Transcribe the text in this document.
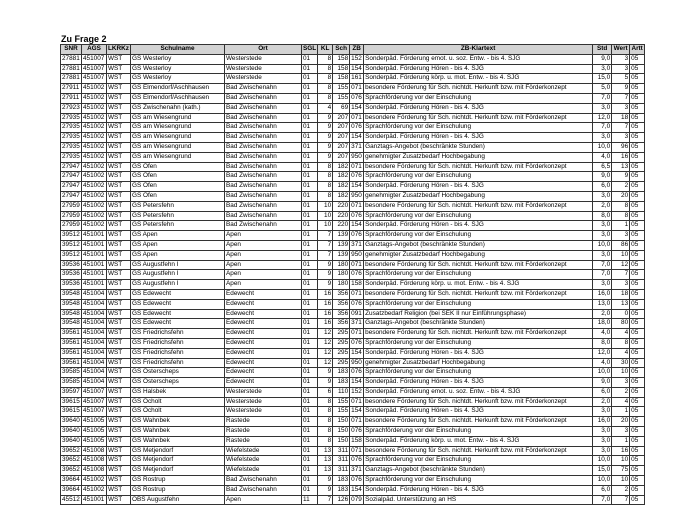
Zu Frage 2
SNR	AGS	LKRKz	Schulname	Ort	SGL	KL	Sch	ZB	ZB-Klartext	Std	Wert	Artt
27881	451007	WST	GS Westerloy	Westerstede	01	8	158	152	Sonderpäd. Förderung emot. u. soz. Entw. - bis 4. SJG	9,0	3	05
27881	451007	WST	GS Westerloy	Westerstede	01	8	158	154	Sonderpäd. Förderung Hören - bis 4. SJG	3,0	3	05
27881	451007	WST	GS Westerloy	Westerstede	01	8	158	161	Sonderpäd. Förderung körp. u. mot. Entw. - bis 4. SJG	15,0	5	05
27911	451002	WST	GS Elmendorf/Aschhausen	Bad Zwischenahn	01	8	155	071	besondere Förderung für Sch. nichtdt. Herkunft bzw. mit Förderkonzept	5,0	9	05
27911	451002	WST	GS Elmendorf/Aschhausen	Bad Zwischenahn	01	8	155	076	Sprachförderung vor der Einschulung	7,0	7	05
27923	451002	WST	GS Zwischenahn (kath.)	Bad Zwischenahn	01	4	69	154	Sonderpäd. Förderung Hören - bis 4. SJG	3,0	3	05
27935	451002	WST	GS am Wiesengrund	Bad Zwischenahn	01	9	207	071	besondere Förderung für Sch. nichtdt. Herkunft bzw. mit Förderkonzept	12,0	18	05
27935	451002	WST	GS am Wiesengrund	Bad Zwischenahn	01	9	207	076	Sprachförderung vor der Einschulung	7,0	7	05
27935	451002	WST	GS am Wiesengrund	Bad Zwischenahn	01	9	207	154	Sonderpäd. Förderung Hören - bis 4. SJG	3,0	3	05
27935	451002	WST	GS am Wiesengrund	Bad Zwischenahn	01	9	207	371	Ganztags-Angebot (beschränkte Stunden)	10,0	96	05
27935	451002	WST	GS am Wiesengrund	Bad Zwischenahn	01	9	207	950	genehmigter Zusatzbedarf Hochbegabung	4,0	16	05
27947	451002	WST	GS Ofen	Bad Zwischenahn	01	8	182	071	besondere Förderung für Sch. nichtdt. Herkunft bzw. mit Förderkonzept	6,5	13	05
27947	451002	WST	GS Ofen	Bad Zwischenahn	01	8	182	076	Sprachförderung vor der Einschulung	9,0	9	05
27947	451002	WST	GS Ofen	Bad Zwischenahn	01	8	182	154	Sonderpäd. Förderung Hören - bis 4. SJG	6,0	2	05
27947	451002	WST	GS Ofen	Bad Zwischenahn	01	8	182	950	genehmigter Zusatzbedarf Hochbegabung	3,0	20	05
27959	451002	WST	GS Petersfehn	Bad Zwischenahn	01	10	220	071	besondere Förderung für Sch. nichtdt. Herkunft bzw. mit Förderkonzept	2,0	8	05
27959	451002	WST	GS Petersfehn	Bad Zwischenahn	01	10	220	076	Sprachförderung vor der Einschulung	8,0	8	05
27959	451002	WST	GS Petersfehn	Bad Zwischenahn	01	10	220	154	Sonderpäd. Förderung Hören - bis 4. SJG	3,0	1	05
39512	451001	WST	GS Apen	Apen	01	7	139	076	Sprachförderung vor der Einschulung	3,0	3	05
39512	451001	WST	GS Apen	Apen	01	7	139	371	Ganztags-Angebot (beschränkte Stunden)	10,0	86	05
39512	451001	WST	GS Apen	Apen	01	7	139	950	genehmigter Zusatzbedarf Hochbegabung	3,0	10	05
39536	451001	WST	GS Augustfehn I	Apen	01	9	180	071	besondere Förderung für Sch. nichtdt. Herkunft bzw. mit Förderkonzept	7,0	12	05
39536	451001	WST	GS Augustfehn I	Apen	01	9	180	076	Sprachförderung vor der Einschulung	7,0	7	05
39536	451001	WST	GS Augustfehn I	Apen	01	9	180	158	Sonderpäd. Förderung körp. u. mot. Entw. - bis 4. SJG	3,0	3	05
39548	451004	WST	GS Edewecht	Edewecht	01	16	356	071	besondere Förderung für Sch. nichtdt. Herkunft bzw. mit Förderkonzept	16,0	18	05
39548	451004	WST	GS Edewecht	Edewecht	01	16	356	076	Sprachförderung vor der Einschulung	13,0	13	05
39548	451004	WST	GS Edewecht	Edewecht	01	16	356	091	Zusatzbedarf Religion (bei SEK II nur Einführungsphase)	2,0	0	05
39548	451004	WST	GS Edewecht	Edewecht	01	16	356	371	Ganztags-Angebot (beschränkte Stunden)	18,0	80	05
39561	451004	WST	GS Friedrichsfehn	Edewecht	01	12	295	071	besondere Förderung für Sch. nichtdt. Herkunft bzw. mit Förderkonzept	4,0	4	05
39561	451004	WST	GS Friedrichsfehn	Edewecht	01	12	295	076	Sprachförderung vor der Einschulung	8,0	8	05
39561	451004	WST	GS Friedrichsfehn	Edewecht	01	12	295	154	Sonderpäd. Förderung Hören - bis 4. SJG	12,0	4	05
39561	451004	WST	GS Friedrichsfehn	Edewecht	01	12	295	950	genehmigter Zusatzbedarf Hochbegabung	4,0	30	05
39585	451004	WST	GS Osterscheps	Edewecht	01	9	183	076	Sprachförderung vor der Einschulung	10,0	10	05
39585	451004	WST	GS Osterscheps	Edewecht	01	9	183	154	Sonderpäd. Förderung Hören - bis 4. SJG	9,0	3	05
39597	451007	WST	GS Halsbek	Westerstede	01	6	110	152	Sonderpäd. Förderung emot. u. soz. Entw. - bis 4. SJG	6,0	2	05
39615	451007	WST	GS Ocholt	Westerstede	01	8	155	071	besondere Förderung für Sch. nichtdt. Herkunft bzw. mit Förderkonzept	2,0	4	05
39615	451007	WST	GS Ocholt	Westerstede	01	8	155	154	Sonderpäd. Förderung Hören - bis 4. SJG	3,0	1	05
39640	451005	WST	GS Wahnbek	Rastede	01	8	150	071	besondere Förderung für Sch. nichtdt. Herkunft bzw. mit Förderkonzept	16,0	20	05
39640	451005	WST	GS Wahnbek	Rastede	01	8	150	076	Sprachförderung vor der Einschulung	3,0	3	05
39640	451005	WST	GS Wahnbek	Rastede	01	8	150	158	Sonderpäd. Förderung körp. u. mot. Entw. - bis 4. SJG	3,0	1	05
39652	451008	WST	GS Metjendorf	Wiefelstede	01	13	311	071	besondere Förderung für Sch. nichtdt. Herkunft bzw. mit Förderkonzept	3,0	16	05
39652	451008	WST	GS Metjendorf	Wiefelstede	01	13	311	076	Sprachförderung vor der Einschulung	10,0	10	05
39652	451008	WST	GS Metjendorf	Wiefelstede	01	13	311	371	Ganztags-Angebot (beschränkte Stunden)	15,0	75	05
39664	451002	WST	GS Rostrup	Bad Zwischenahn	01	9	183	076	Sprachförderung vor der Einschulung	10,0	10	05
39664	451002	WST	GS Rostrup	Bad Zwischenahn	01	9	183	154	Sonderpäd. Förderung Hören - bis 4. SJG	6,0	2	05
45512	451001	WST	OBS Augustfehn	Apen	11	7	126	079	Sozialpäd. Unterstützung an HS	7,0	7	05
